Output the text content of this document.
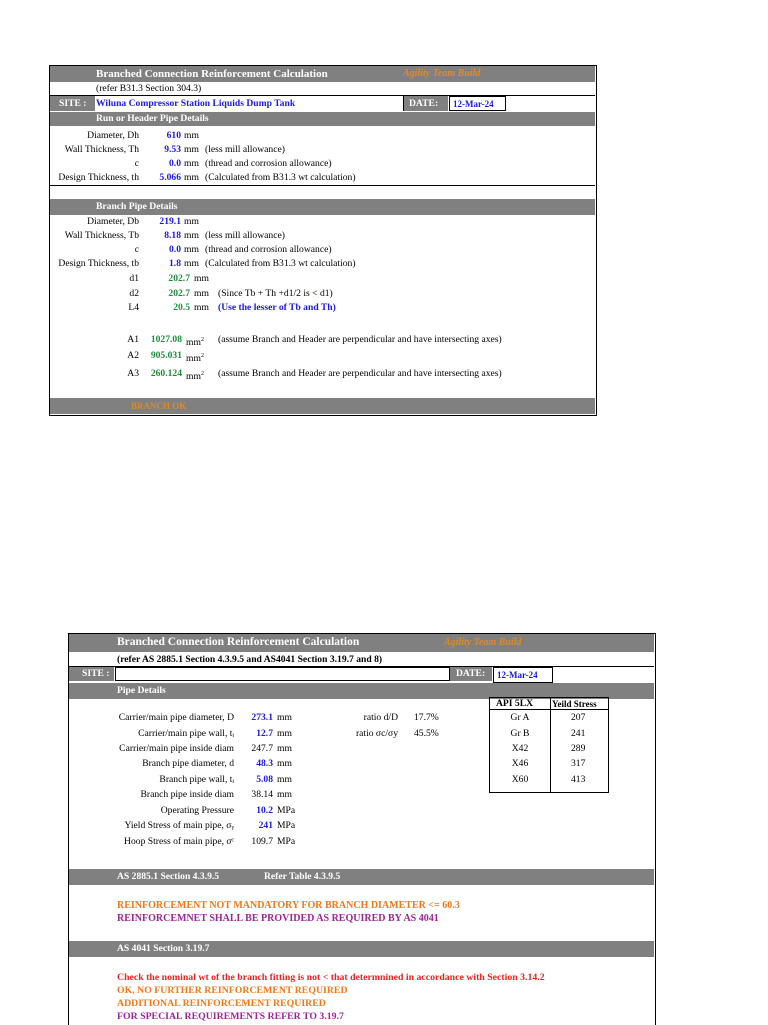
Branched Connection Reinforcement Calculation	Agility Team Build
(refer B31.3 Section 304.3)
SITE : Wiluna Compressor Station Liquids Dump Tank	DATE: 12-Mar-24
Run or Header Pipe Details
Diameter, Dh	610 mm
Wall Thickness, Th	9.53 mm (less mill allowance)
c	0.0 mm (thread and corrosion allowance)
Design Thickness, th	5.066 mm (Calculated from B31.3 wt calculation)
Branch Pipe Details
Diameter, Db	219.1 mm
Wall Thickness, Tb	8.18 mm (less mill allowance)
c	0.0 mm (thread and corrosion allowance)
Design Thickness, tb	1.8 mm (Calculated from B31.3 wt calculation)
d1	202.7 mm
d2	202.7 mm (Since Tb + Th +d1/2 is < d1)
L4	20.5 mm (Use the lesser of Tb and Th)
A1	1027.08 $mm^2$ (assume Branch and Header are perpendicular and have intersecting axes)
A2	905.031 $mm^2$
A3	260.124 $mm^2$ (assume Branch and Header are perpendicular and have intersecting axes)
BRANCH OK
Branched Connection Reinforcement Calculation	Agility Team Build
(refer AS 2885.1 Section 4.3.9.5 and AS4041 Section 3.19.7 and 8)
SITE :	DATE: 12-Mar-24
Pipe Details
Carrier/main pipe diameter, D	273.1 mm
Carrier/main pipe wall, tᵢ	12.7 mm
Carrier/main pipe inside diam	247.7 mm
Branch pipe diameter, d	48.3 mm
Branch pipe wall, tᵢ	5.08 mm
Branch pipe inside diam	38.14 mm
Operating Pressure	10.2 MPa
Yield Stress of main pipe, σᵧ	241 MPa
Hoop Stress of main pipe, σᶜ	109.7 MPa
ratio d/D 17.7%
ratio σc/σy 45.5%
API 5LX Yeild Stress
Gr A	207
Gr B	241
X42	289
X46	317
X60	413
AS 2885.1 Section 4.3.9.5	Refer Table 4.3.9.5
REINFORCEMENT NOT MANDATORY FOR BRANCH DIAMETER <= 60.3
REINFORCEMNET SHALL BE PROVIDED AS REQUIRED BY AS 4041
AS 4041 Section 3.19.7
Check the nominal wt of the branch fitting is not < that determnined in accordance with Section 3.14.2
OK, NO FURTHER REINFORCEMENT REQUIRED
ADDITIONAL REINFORCEMENT REQUIRED
FOR SPECIAL REQUIREMENTS REFER TO 3.19.7
